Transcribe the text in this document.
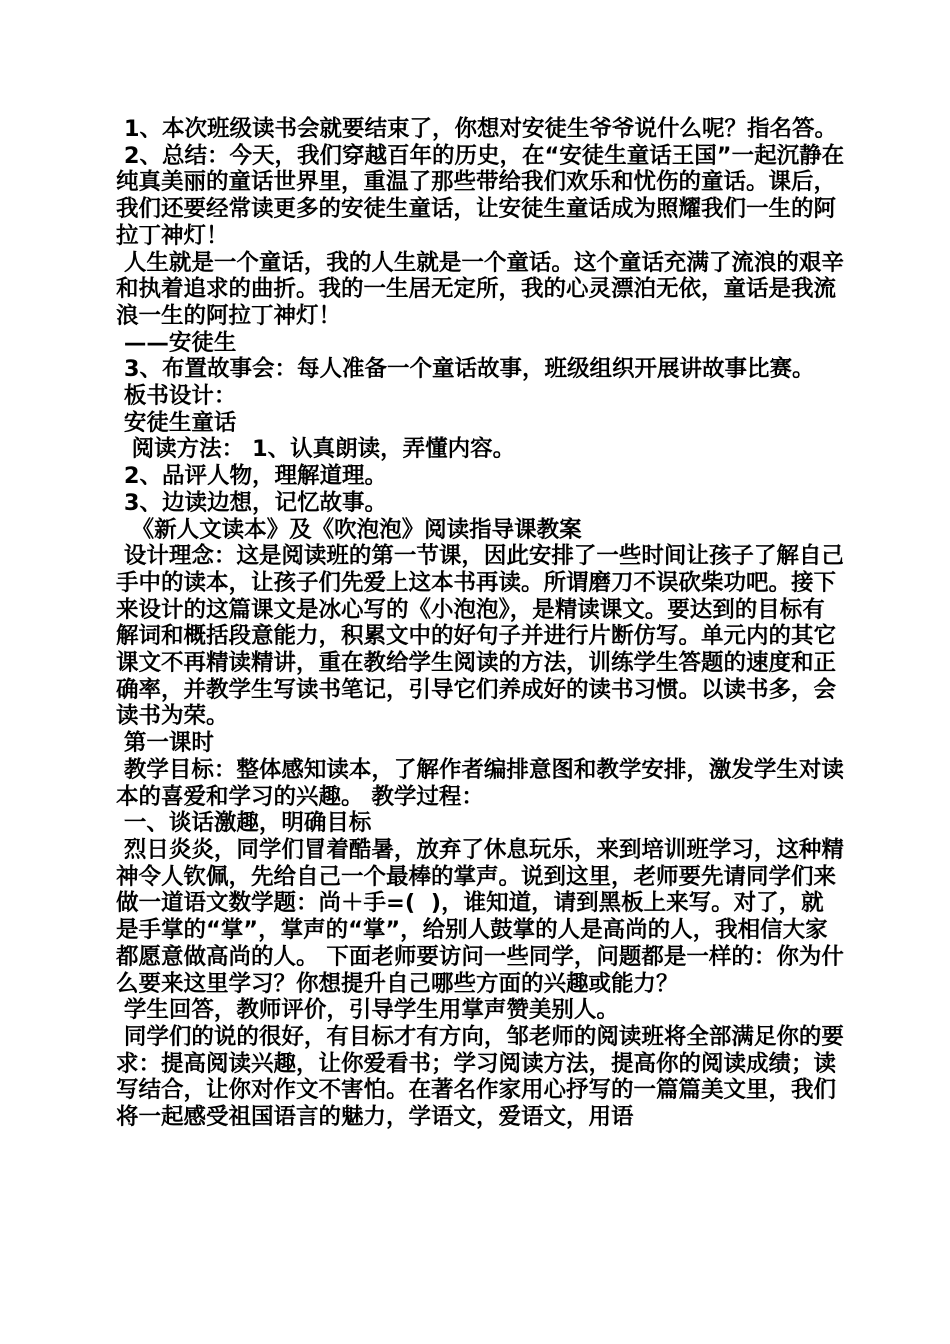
1、本次班级读书会就要结束了，你想对安徒生爷爷说什么呢？指名答。

2、总结：今天，我们穿越百年的历史，在“安徒生童话王国”一起沉静在纯真美丽的童话世界里，重温了那些带给我们欢乐和忧伤的童话。课后，我们还要经常读更多的安徒生童话，让安徒生童话成为照耀我们一生的阿拉丁神灯！

人生就是一个童话，我的人生就是一个童话。这个童话充满了流浪的艰辛和执着追求的曲折。我的一生居无定所，我的心灵漂泊无依，童话是我流浪一生的阿拉丁神灯！

——安徒生

3、布置故事会：每人准备一个童话故事，班级组织开展讲故事比赛。

板书设计：

安徒生童话

阅读方法： 1、认真朗读，弄懂内容。

2、品评人物，理解道理。

3、边读边想，记忆故事。

《新人文读本》及《吹泡泡》阅读指导课教案

设计理念：这是阅读班的第一节课，因此安排了一些时间让孩子了解自己手中的读本，让孩子们先爱上这本书再读。所谓磨刀不误砍柴功吧。接下来设计的这篇课文是冰心写的《小泡泡》，是精读课文。要达到的目标有解词和概括段意能力，积累文中的好句子并进行片断仿写。单元内的其它课文不再精读精讲，重在教给学生阅读的方法，训练学生答题的速度和正确率，并教学生写读书笔记，引导它们养成好的读书习惯。以读书多，会读书为荣。

第一课时

教学目标：整体感知读本，了解作者编排意图和教学安排，激发学生对读本的喜爱和学习的兴趣。 教学过程：

一、谈话激趣，明确目标

烈日炎炎，同学们冒着酷暑，放弃了休息玩乐，来到培训班学习，这种精神令人钦佩，先给自己一个最棒的掌声。说到这里，老师要先请同学们来做一道语文数学题：尚＋手=(  )，谁知道，请到黑板上来写。对了，就是手掌的“掌”，掌声的“掌”，给别人鼓掌的人是高尚的人，我相信大家都愿意做高尚的人。 下面老师要访问一些同学，问题都是一样的：你为什么要来这里学习？你想提升自己哪些方面的兴趣或能力？

学生回答，教师评价，引导学生用掌声赞美别人。

同学们的说的很好，有目标才有方向，邹老师的阅读班将全部满足你的要求：提高阅读兴趣，让你爱看书；学习阅读方法，提高你的阅读成绩；读写结合，让你对作文不害怕。在著名作家用心抒写的一篇篇美文里，我们将一起感受祖国语言的魅力，学语文，爱语文，用语
